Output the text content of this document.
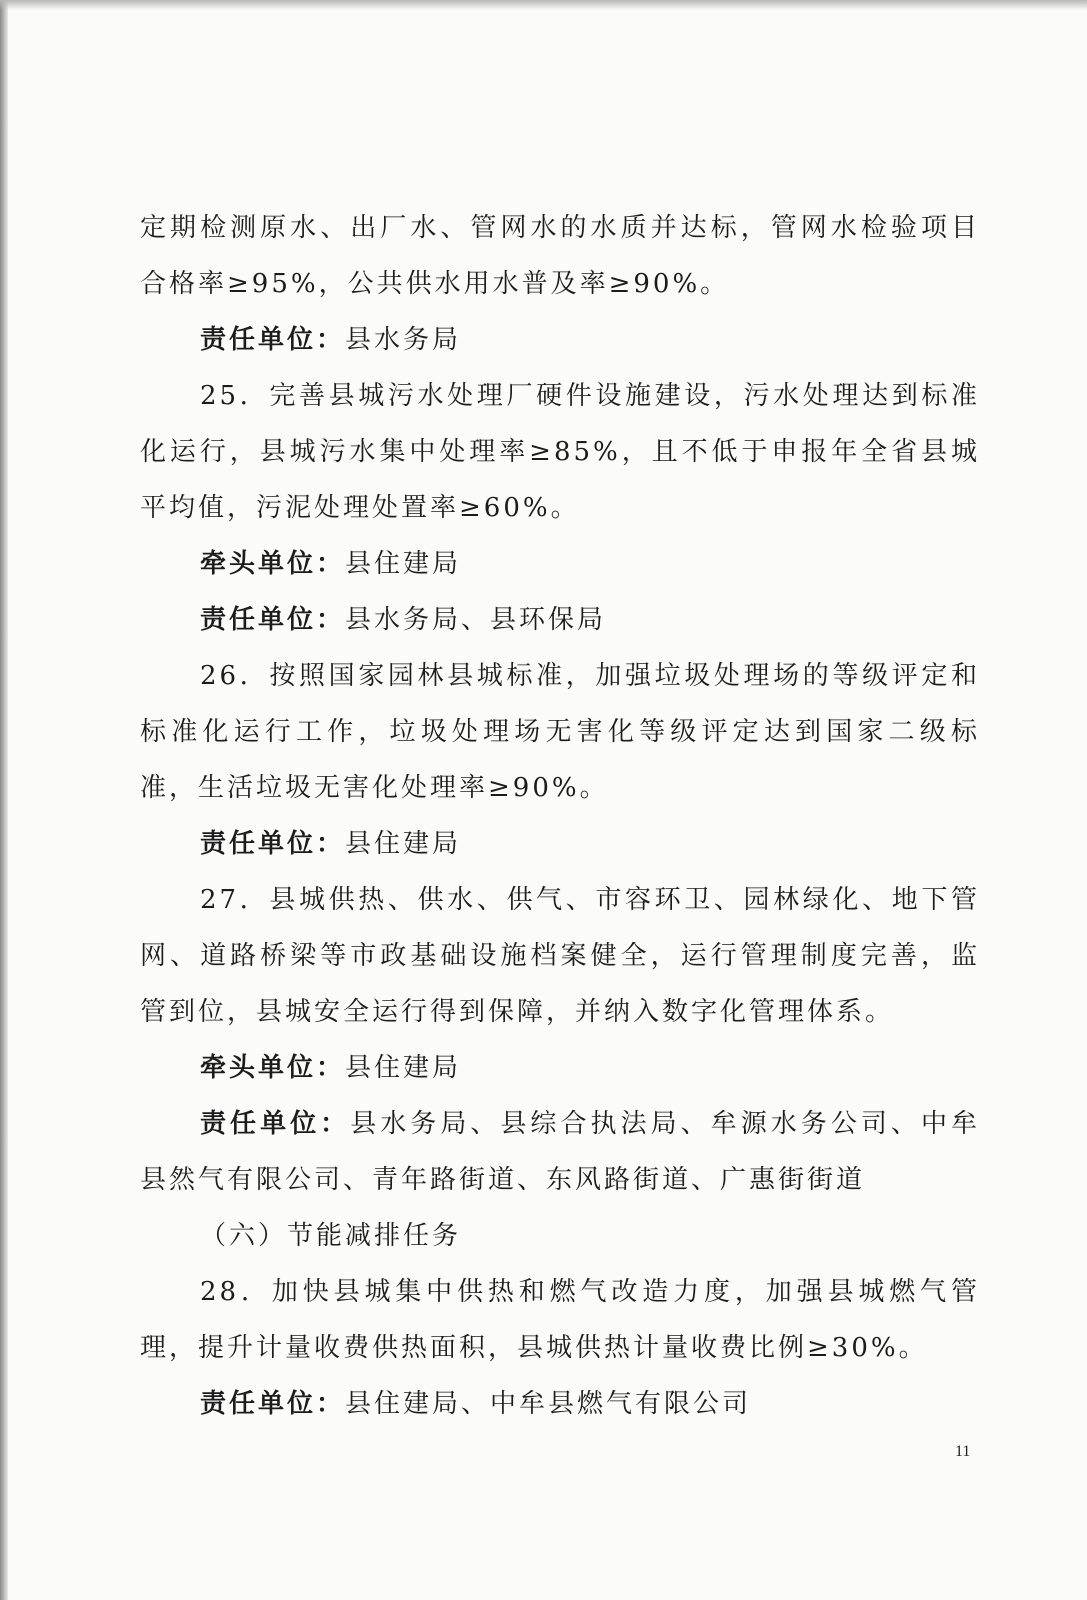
定期检测原水、出厂水、管网水的水质并达标，管网水检验项目合格率≥95%，公共供水用水普及率≥90%。

责任单位：县水务局

25．完善县城污水处理厂硬件设施建设，污水处理达到标准化运行，县城污水集中处理率≥85%，且不低于申报年全省县城平均值，污泥处理处置率≥60%。

牵头单位：县住建局

责任单位：县水务局、县环保局

26．按照国家园林县城标准，加强垃圾处理场的等级评定和标准化运行工作，垃圾处理场无害化等级评定达到国家二级标准，生活垃圾无害化处理率≥90%。

责任单位：县住建局

27．县城供热、供水、供气、市容环卫、园林绿化、地下管网、道路桥梁等市政基础设施档案健全，运行管理制度完善，监管到位，县城安全运行得到保障，并纳入数字化管理体系。

牵头单位：县住建局

责任单位：县水务局、县综合执法局、牟源水务公司、中牟县然气有限公司、青年路街道、东风路街道、广惠街街道

（六）节能减排任务

28．加快县城集中供热和燃气改造力度，加强县城燃气管理，提升计量收费供热面积，县城供热计量收费比例≥30%。

责任单位：县住建局、中牟县燃气有限公司

11
